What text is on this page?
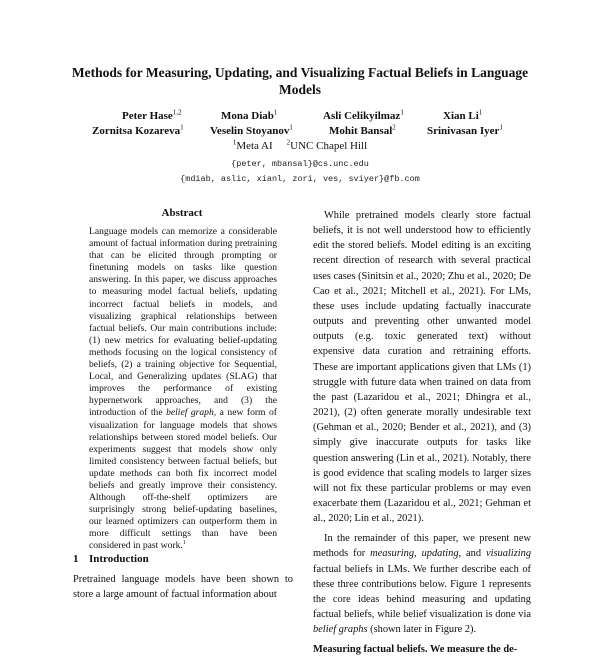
Methods for Measuring, Updating, and Visualizing Factual Beliefs in Language Models
Peter Hase$^{1,2}$	Mona Diab$^1$	Asli Celikyilmaz$^1$	Xian Li$^1$
Zornitsa Kozareva$^1$ Veselin Stoyanov$^1$	Mohit Bansal$^2$	Srinivasan Iyer$^1$
$^1$Meta AI $^2$UNC Chapel Hill
{peter, mbansal}@cs.unc.edu
{mdiab, aslic, xianl, zori, ves, sviyer}@fb.com
Abstract

Language models can memorize a considerable amount of factual information during pretraining that can be elicited through prompting or finetuning models on tasks like question answering. In this paper, we discuss approaches to measuring model factual beliefs, updating incorrect factual beliefs in models, and visualizing graphical relationships between factual beliefs. Our main contributions include: (1) new metrics for evaluating belief-updating methods focusing on the logical consistency of beliefs, (2) a training objective for Sequential, Local, and Generalizing updates (SLAG) that improves the performance of existing hypernetwork approaches, and (3) the introduction of the belief graph, a new form of visualization for language models that shows relationships between stored model beliefs. Our experiments suggest that models show only limited consistency between factual beliefs, but update methods can both fix incorrect model beliefs and greatly improve their consistency. Although off-the-shelf optimizers are surprisingly strong belief-updating baselines, our learned optimizers can outperform them in more difficult settings than have been considered in past work.$^1$

1 Introduction

Pretrained language models have been shown to store a large amount of factual information about

While pretrained models clearly store factual beliefs, it is not well understood how to efficiently edit the stored beliefs. Model editing is an exciting recent direction of research with several practical uses cases (Sinitsin et al., 2020; Zhu et al., 2020; De Cao et al., 2021; Mitchell et al., 2021). For LMs, these uses include updating factually inaccurate outputs and preventing other unwanted model outputs (e.g. toxic generated text) without expensive data curation and retraining efforts. These are important applications given that LMs (1) struggle with future data when trained on data from the past (Lazaridou et al., 2021; Dhingra et al., 2021), (2) often generate morally undesirable text (Gehman et al., 2020; Bender et al., 2021), and (3) simply give inaccurate outputs for tasks like question answering (Lin et al., 2021). Notably, there is good evidence that scaling models to larger sizes will not fix these particular problems or may even exacerbate them (Lazaridou et al., 2021; Gehman et al., 2020; Lin et al., 2021).

In the remainder of this paper, we present new methods for measuring, updating, and visualizing factual beliefs in LMs. We further describe each of these three contributions below. Figure 1 represents the core ideas behind measuring and updating factual beliefs, while belief visualization is done via belief graphs (shown later in Figure 2).

Measuring factual beliefs. We measure the de-
